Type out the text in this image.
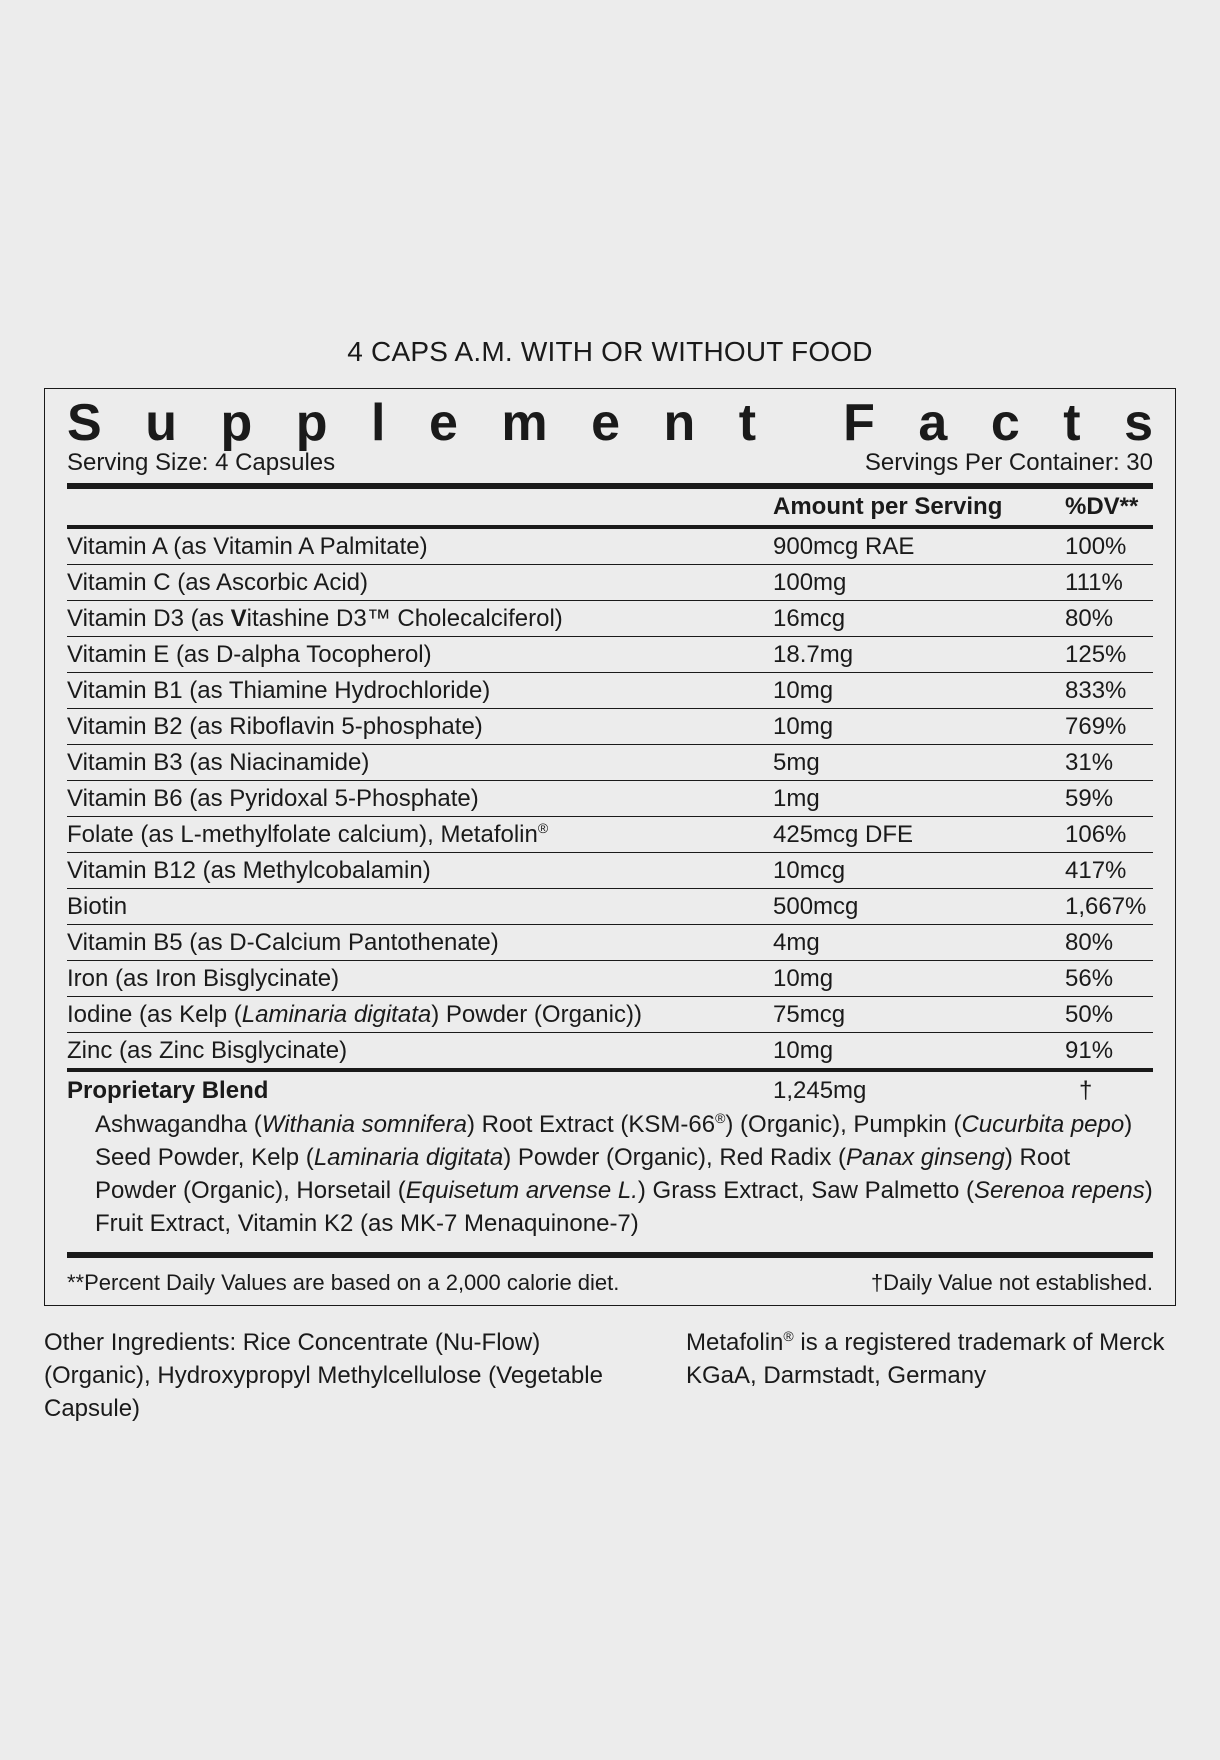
4 CAPS A.M. WITH OR WITHOUT FOOD
S u p p l e m e n t F a c t s
Serving Size: 4 Capsules	Servings Per Container: 30
Amount per Serving	%DV**
Vitamin A (as Vitamin A Palmitate)	900mcg RAE	100%
Vitamin C (as Ascorbic Acid)	100mg	111%
Vitamin D3 (as Vitashine D3™ Cholecalciferol)	16mcg	80%
Vitamin E (as D-alpha Tocopherol)	18.7mg	125%
Vitamin B1 (as Thiamine Hydrochloride)	10mg	833%
Vitamin B2 (as Riboflavin 5-phosphate)	10mg	769%
Vitamin B3 (as Niacinamide)	5mg	31%
Vitamin B6 (as Pyridoxal 5-Phosphate)	1mg	59%
Folate (as L-methylfolate calcium), Metafolin®	425mcg DFE	106%
Vitamin B12 (as Methylcobalamin)	10mcg	417%
Biotin	500mcg	1,667%
Vitamin B5 (as D-Calcium Pantothenate)	4mg	80%
Iron (as Iron Bisglycinate)	10mg	56%
Iodine (as Kelp (Laminaria digitata) Powder (Organic))	75mcg	50%
Zinc (as Zinc Bisglycinate)	10mg	91%
Proprietary Blend	1,245mg	†
Ashwagandha (Withania somnifera) Root Extract (KSM-66®) (Organic), Pumpkin (Cucurbita pepo) Seed Powder, Kelp (Laminaria digitata) Powder (Organic), Red Radix (Panax ginseng) Root Powder (Organic), Horsetail (Equisetum arvense L.) Grass Extract, Saw Palmetto (Serenoa repens) Fruit Extract, Vitamin K2 (as MK-7 Menaquinone-7)
**Percent Daily Values are based on a 2,000 calorie diet.	†Daily Value not established.
Other Ingredients: Rice Concentrate (Nu-Flow) (Organic), Hydroxypropyl Methylcellulose (Vegetable Capsule)
Metafolin® is a registered trademark of Merck KGaA, Darmstadt, Germany
